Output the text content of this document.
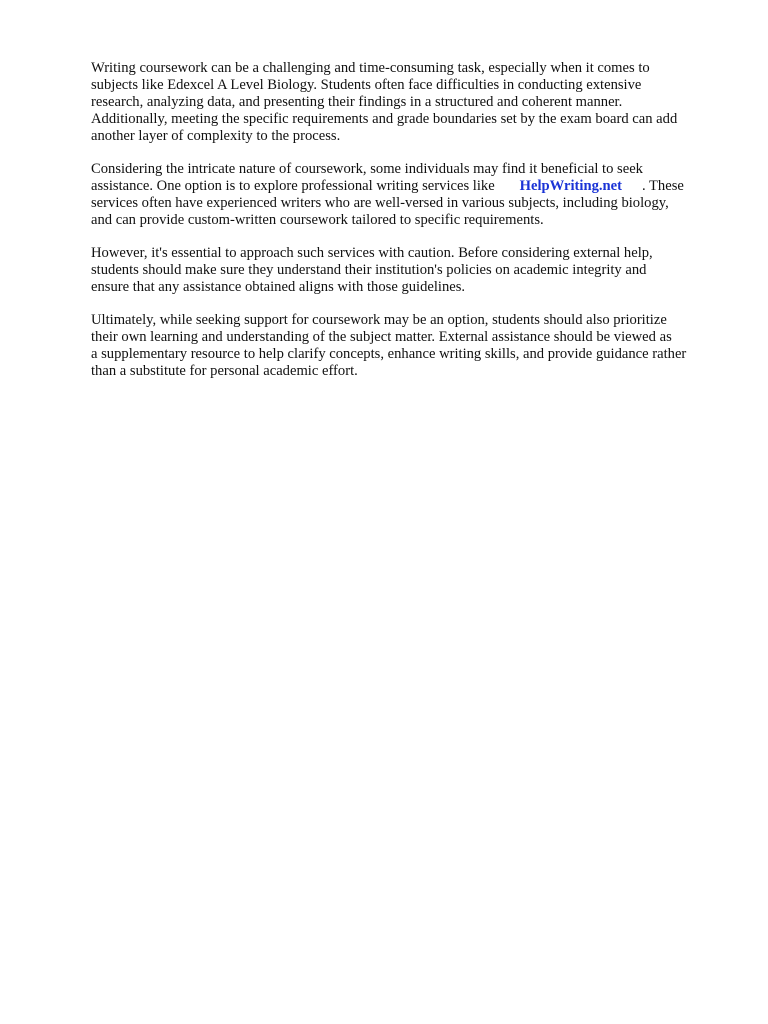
Writing coursework can be a challenging and time-consuming task, especially when it comes to
subjects like Edexcel A Level Biology. Students often face difficulties in conducting extensive
research, analyzing data, and presenting their findings in a structured and coherent manner.
Additionally, meeting the specific requirements and grade boundaries set by the exam board can add
another layer of complexity to the process.
Considering the intricate nature of coursework, some individuals may find it beneficial to seek
assistance. One option is to explore professional writing services like HelpWriting.net . These
services often have experienced writers who are well-versed in various subjects, including biology,
and can provide custom-written coursework tailored to specific requirements.
However, it's essential to approach such services with caution. Before considering external help,
students should make sure they understand their institution's policies on academic integrity and
ensure that any assistance obtained aligns with those guidelines.
Ultimately, while seeking support for coursework may be an option, students should also prioritize
their own learning and understanding of the subject matter. External assistance should be viewed as
a supplementary resource to help clarify concepts, enhance writing skills, and provide guidance rather
than a substitute for personal academic effort.
